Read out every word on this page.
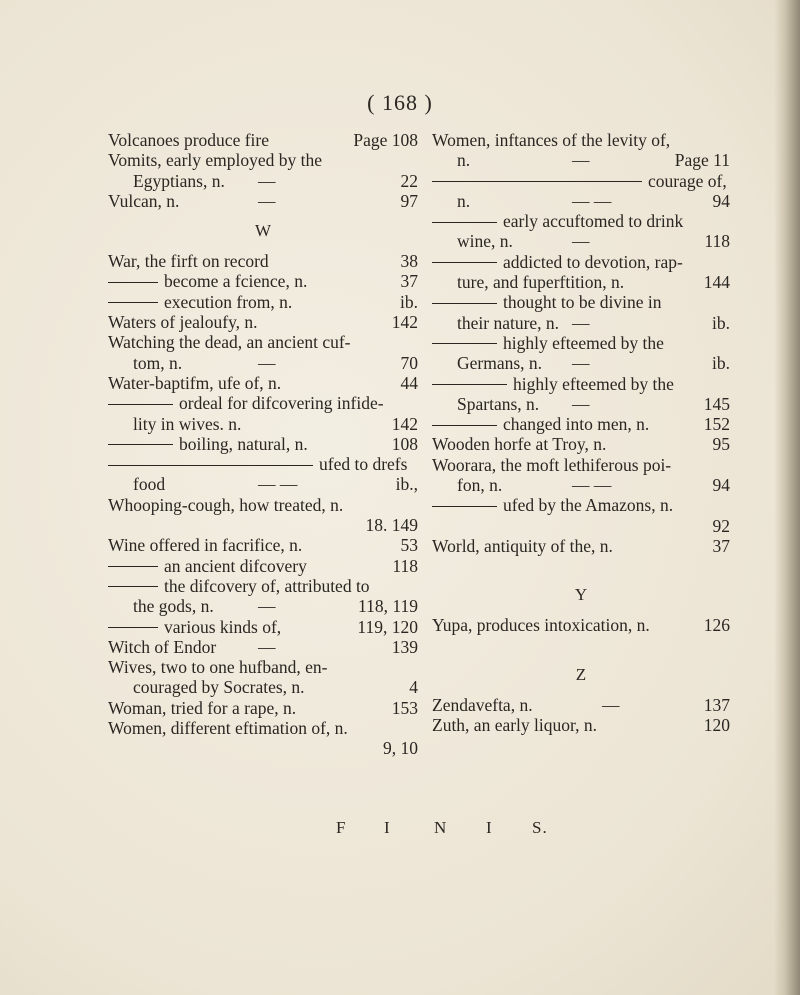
( 168 )
Volcanoes produce fire	Page 108
Vomits, early employed by the
Egyptians, n. —	22
Vulcan, n.	—	97
W
War, the firft on record	38
become a fcience, n.	37
execution from, n.	ib.
Waters of jealoufy, n.	142
Watching the dead, an ancient cuf-
tom, n.	—	70
Water-baptifm, ufe of, n.	44
ordeal for difcovering infide-
lity in wives. n.	142
boiling, natural, n.	108
ufed to drefs
food	— —	ib.,
Whooping-cough, how treated, n.
18. 149
Wine offered in facrifice, n.	53
an ancient difcovery	118
the difcovery of, attributed to
the gods, n.	—	118, 119
various kinds of,	119, 120
Witch of Endor —	139
Wives, two to one hufband, en-
couraged by Socrates, n.	4
Woman, tried for a rape, n.	153
Women, different eftimation of, n.
9, 10
Women, inftances of the levity of,
n.	—	Page 11
courage of,
n.	— —	94
early accuftomed to drink
wine, n.	—	118
addicted to devotion, rap-
ture, and fuperftition, n.	144
thought to be divine in
their nature, n. —	ib.
highly efteemed by the
Germans, n. —	ib.
highly efteemed by the
Spartans, n. —	145
changed into men, n.	152
Wooden horfe at Troy, n.	95
Woorara, the moft lethiferous poi-
fon, n.	— —	94
ufed by the Amazons, n.
92
World, antiquity of the, n.	37
Y
Yupa, produces intoxication, n.	126
Z
Zendavefta, n.	—	137
Zuth, an early liquor, n.	120
F I	N I S.
